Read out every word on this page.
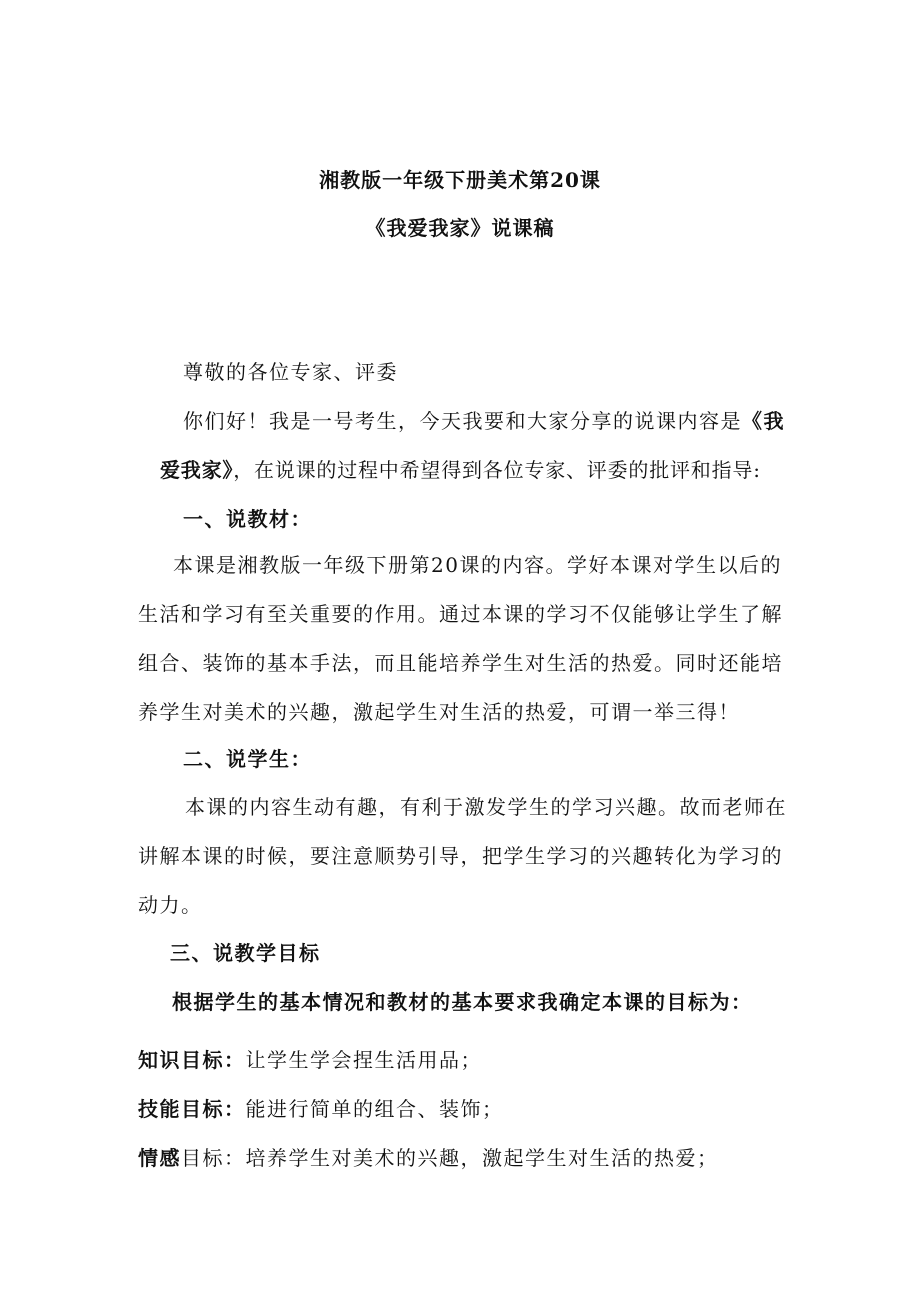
湘教版一年级下册美术第20课
《我爱我家》说课稿
尊敬的各位专家、评委
你们好！我是一号考生，今天我要和大家分享的说课内容是《我
爱我家》，在说课的过程中希望得到各位专家、评委的批评和指导:
一、说教材：
本课是湘教版一年级下册第20课的内容。学好本课对学生以后的
生活和学习有至关重要的作用。通过本课的学习不仅能够让学生了解
组合、装饰的基本手法，而且能培养学生对生活的热爱。同时还能培
养学生对美术的兴趣，激起学生对生活的热爱，可谓一举三得！
二、说学生：
本课的内容生动有趣，有利于激发学生的学习兴趣。故而老师在
讲解本课的时候，要注意顺势引导，把学生学习的兴趣转化为学习的
动力。
三、说教学目标
根据学生的基本情况和教材的基本要求我确定本课的目标为：
知识目标：让学生学会捏生活用品；
技能目标：能进行简单的组合、装饰；
情感目标：培养学生对美术的兴趣，激起学生对生活的热爱；
